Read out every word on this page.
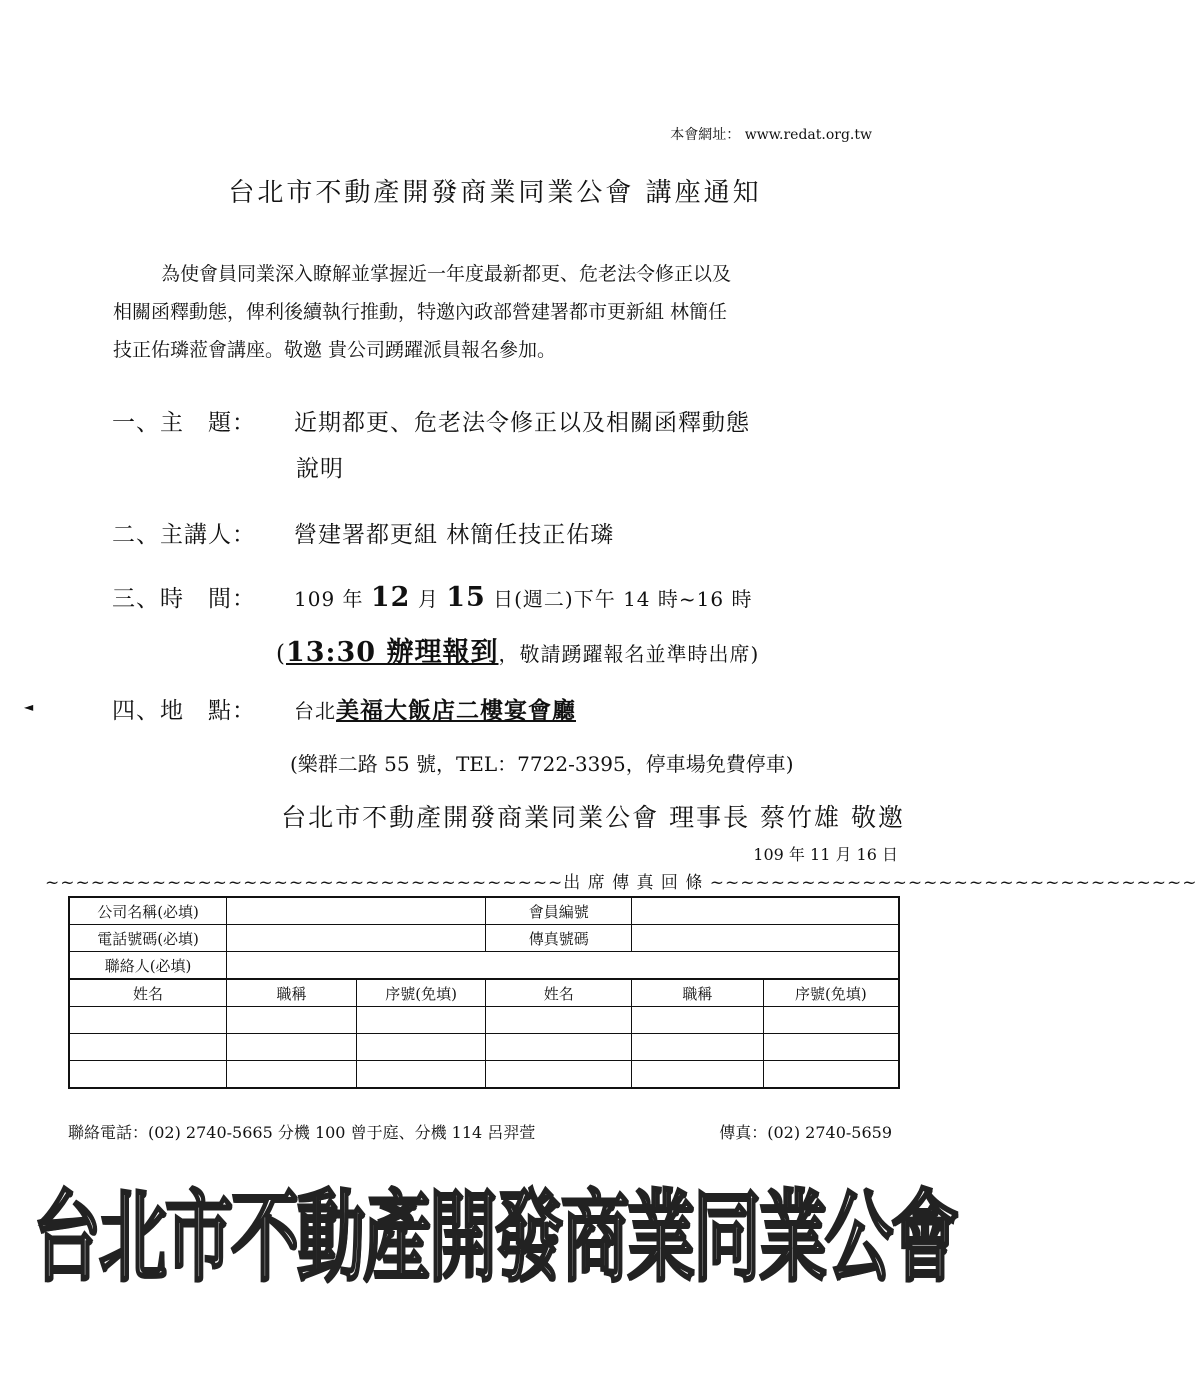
本會網址： www.redat.org.tw
台北市不動產開發商業同業公會 講座通知

為使會員同業深入瞭解並掌握近一年度最新都更、危老法令修正以及

相關函釋動態，俾利後續執行推動，特邀內政部營建署都市更新組 林簡任

技正佑璘蒞會講座。敬邀 貴公司踴躍派員報名參加。

一、主　題： 近期都更、危老法令修正以及相關函釋動態
說明
二、主講人： 營建署都更組 林簡任技正佑璘
三、時　間： 109 年 12 月 15 日(週二)下午 14 時~16 時
(13:30 辦理報到，敬請踴躍報名並準時出席)
◄	四、地　點： 台北美福大飯店二樓宴會廳
(樂群二路 55 號，TEL：7722-3395，停車場免費停車)
台北市不動產開發商業同業公會 理事長 蔡竹雄 敬邀
109 年 11 月 16 日
~~~~~~~~~~~~~~~~~~~~~~~~~~~~~~~~~~出 席 傳 真 回 條 ~~~~~~~~~~~~~~~~~~~~~~~~~~~~~~~~
公司名稱(必填)			會員編號		
電話號碼(必填)			傳真號碼		
聯絡人(必填)					
姓名	職稱	序號(免填)	姓名	職稱	序號(免填)

聯絡電話：(02) 2740-5665 分機 100 曾于庭、分機 114 呂羿萱	傳真：(02) 2740-5659
台北市不動產開發商業同業公會
